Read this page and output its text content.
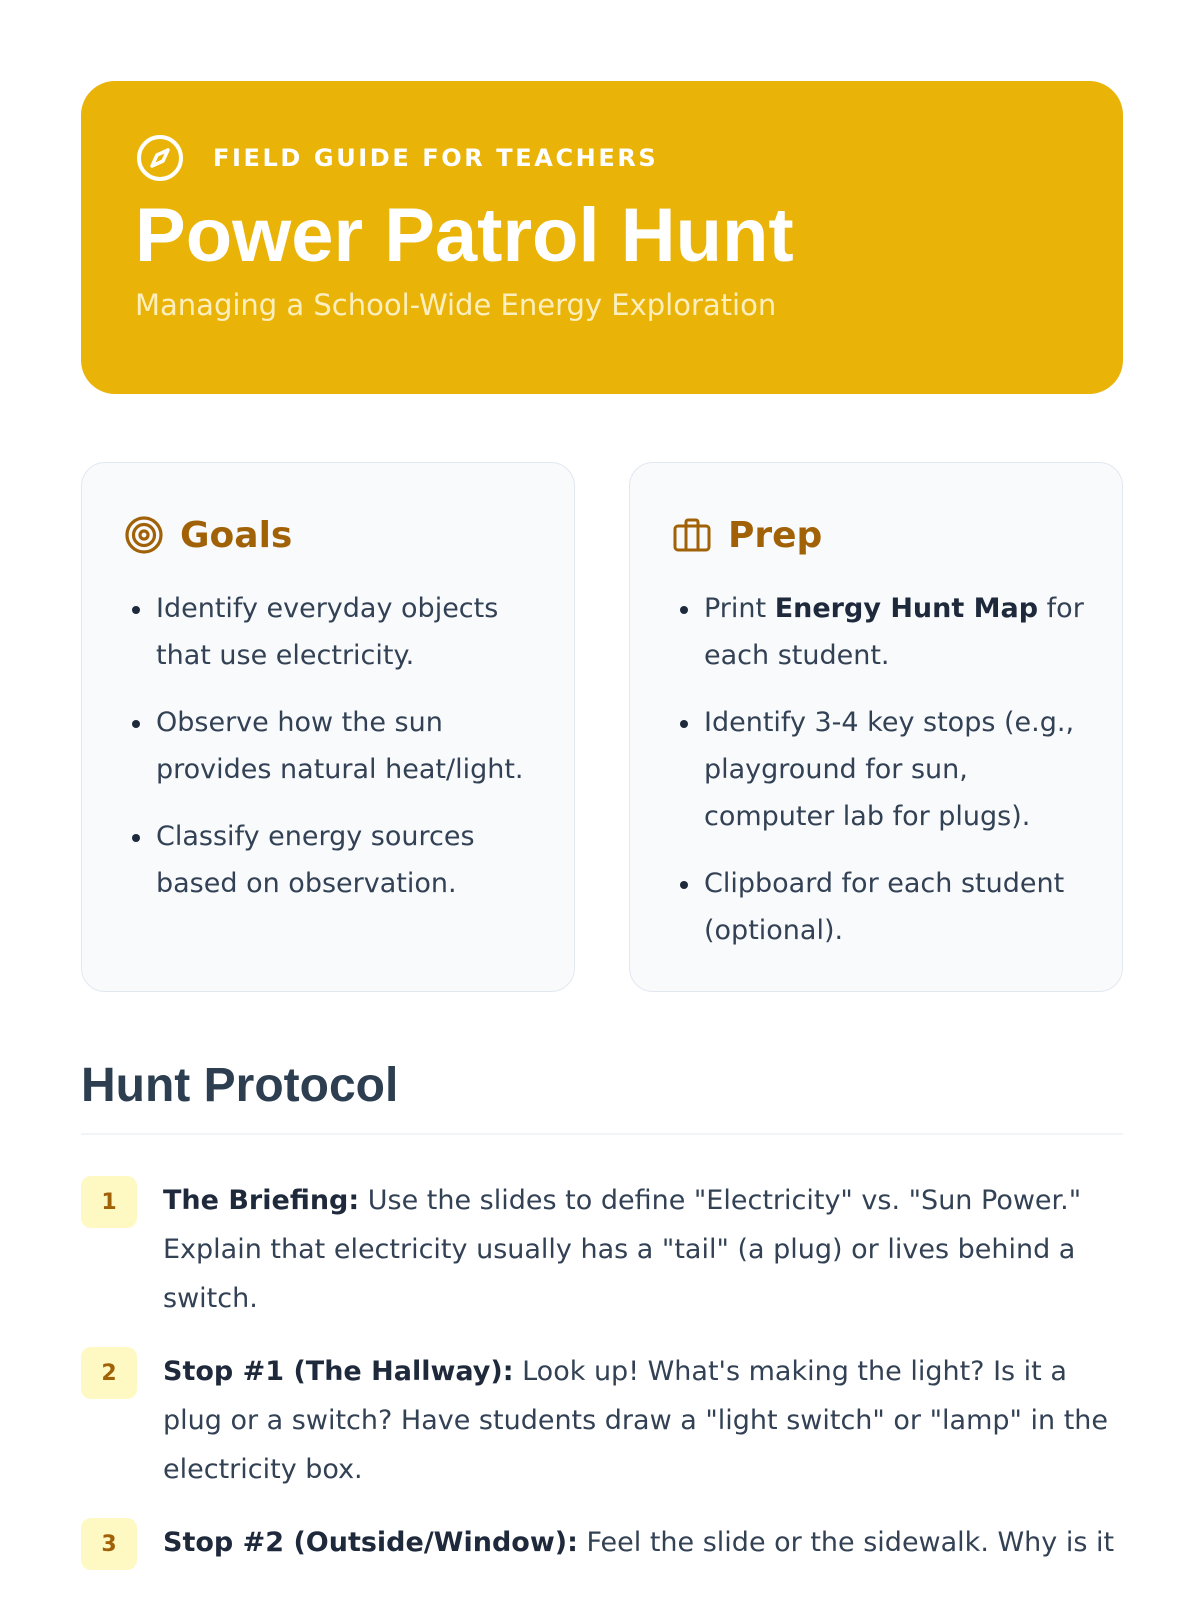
FIELD GUIDE FOR TEACHERS
Power Patrol Hunt
Managing a School-Wide Energy Exploration
Goals
Identify everyday objects that use electricity.
Observe how the sun provides natural heat/light.
Classify energy sources based on observation.
Prep
Print Energy Hunt Map for each student.
Identify 3-4 key stops (e.g., playground for sun, computer lab for plugs).
Clipboard for each student (optional).
Hunt Protocol
1	The Briefing: Use the slides to define "Electricity" vs. "Sun Power." Explain that electricity usually has a "tail" (a plug) or lives behind a switch.
2	Stop #1 (The Hallway): Look up! What's making the light? Is it a plug or a switch? Have students draw a "light switch" or "lamp" in the electricity box.
3	Stop #2 (Outside/Window): Feel the slide or the sidewalk. Why is it
